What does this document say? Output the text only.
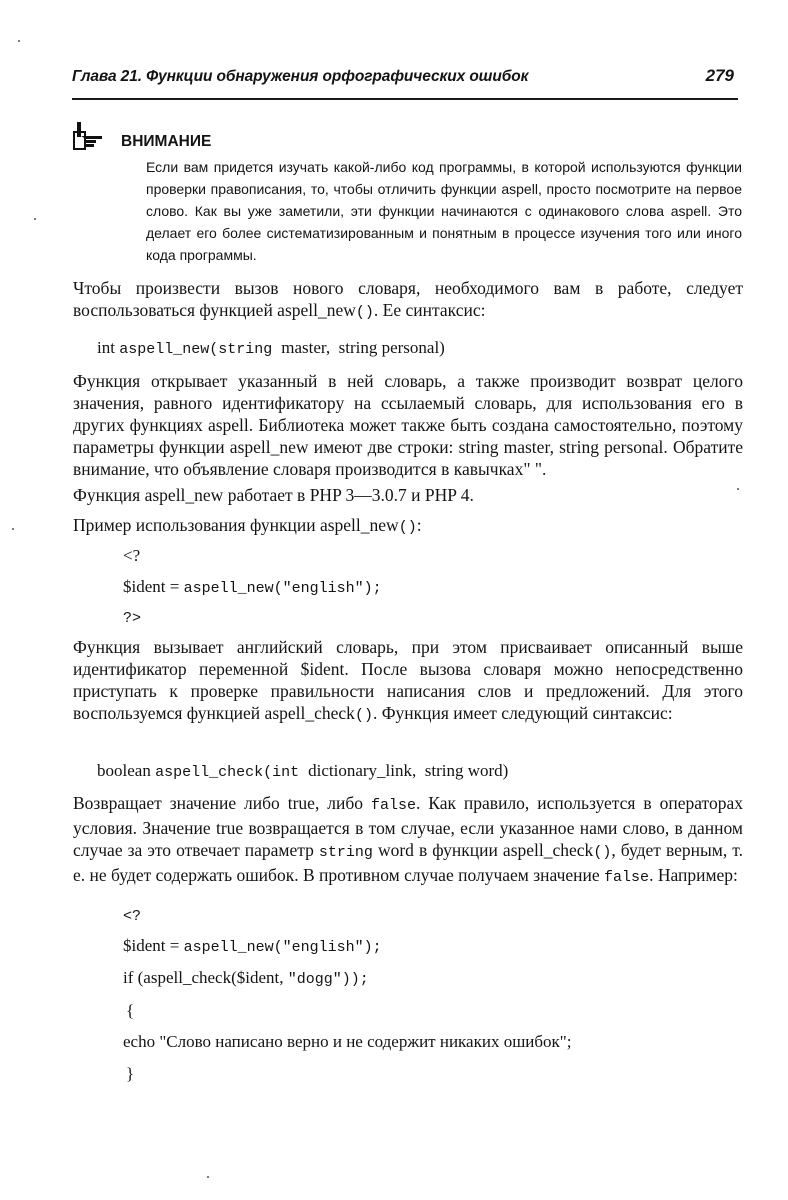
Глава 21. Функции обнаружения орфографических ошибок	279
ВНИМАНИЕ
Если вам придется изучать какой-либо код программы, в которой используются функции проверки правописания, то, чтобы отличить функции aspell, просто посмотрите на первое слово. Как вы уже заметили, эти функции начинаются с одинакового слова aspell. Это делает его более систематизированным и понятным в процессе изучения того или иного кода программы.
Чтобы произвести вызов нового словаря, необходимого вам в работе, следует воспользоваться функцией aspell_new(). Ее синтаксис:
int aspell_new(string master,  string personal)
Функция открывает указанный в ней словарь, а также производит возврат целого значения, равного идентификатору на ссылаемый словарь, для использования его в других функциях aspell. Библиотека может также быть создана самостоятельно, поэтому параметры функции aspell_new имеют две строки: string master, string personal. Обратите внимание, что объявление словаря производится в кавычках" ".
Функция aspell_new работает в PHP 3—3.0.7 и PHP 4.
Пример использования функции aspell_new():
<?
$ident = aspell_new("english");
?>
Функция вызывает английский словарь, при этом присваивает описанный выше идентификатор переменной $ident. После вызова словаря можно непосредственно приступать к проверке правильности написания слов и предложений. Для этого воспользуемся функцией aspell_check(). Функция имеет следующий синтаксис:
boolean aspell_check(int dictionary_link,  string word)
Возвращает значение либо true, либо false. Как правило, используется в операторах условия. Значение true возвращается в том случае, если указанное нами слово, в данном случае за это отвечает параметр string word в функции aspell_check(), будет верным, т. е. не будет содержать ошибок. В противном случае получаем значение false. Например:
<?
$ident = aspell_new("english");
if (aspell_check($ident, "dogg"));
{
echo "Слово написано верно и не содержит никаких ошибок";
}
